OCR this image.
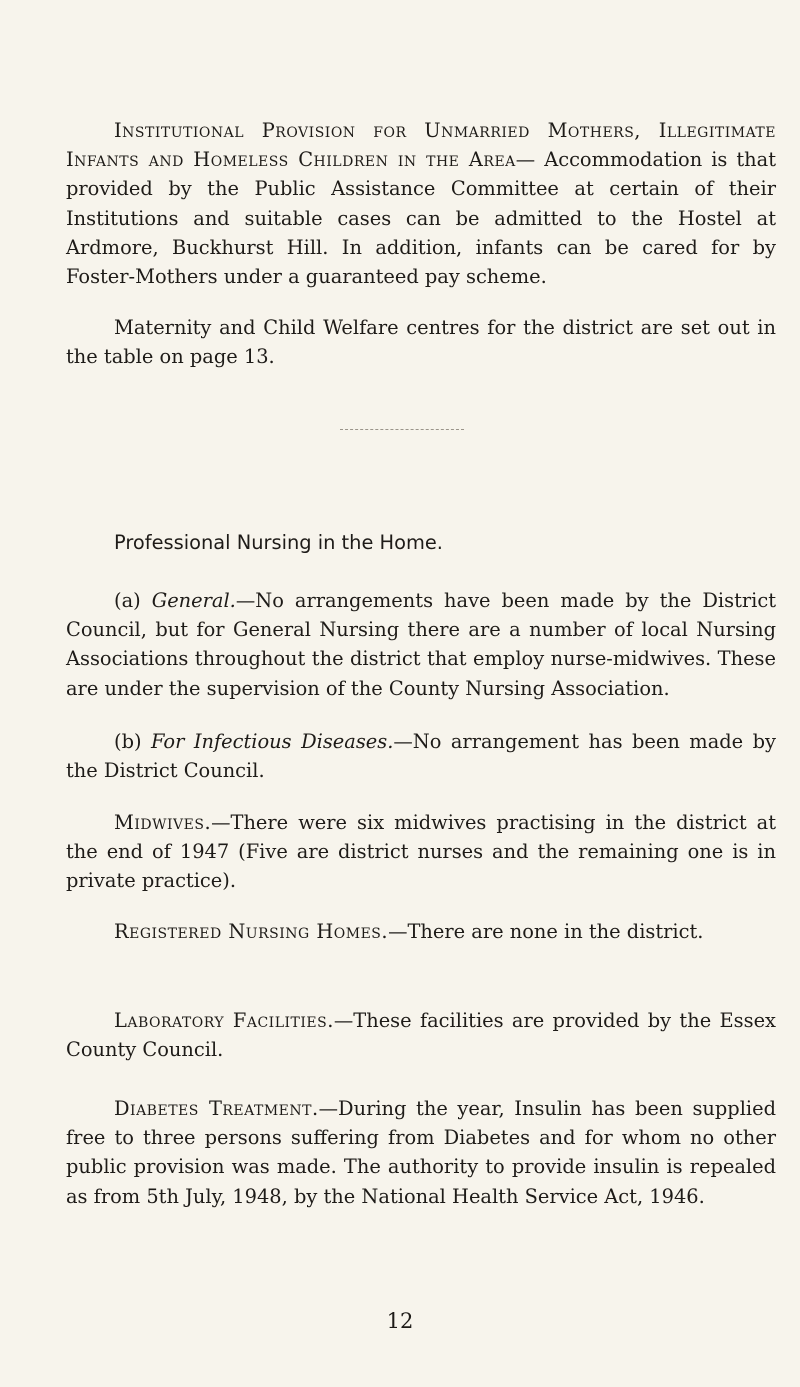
Institutional Provision for Unmarried Mothers, Illegitimate Infants and Homeless Children in the Area— Accommodation is that provided by the Public Assistance Committee at certain of their Institutions and suitable cases can be admitted to the Hostel at Ardmore, Buckhurst Hill. In addition, infants can be cared for by Foster-Mothers under a guaranteed pay scheme.

Maternity and Child Welfare centres for the district are set out in the table on page 13.

Professional Nursing in the Home.

(a) General.—No arrangements have been made by the District Council, but for General Nursing there are a number of local Nursing Associations throughout the district that employ nurse-midwives. These are under the supervision of the County Nursing Association.

(b) For Infectious Diseases.—No arrangement has been made by the District Council.

Midwives.—There were six midwives practising in the district at the end of 1947 (Five are district nurses and the remaining one is in private practice).

Registered Nursing Homes.—There are none in the district.

Laboratory Facilities.—These facilities are provided by the Essex County Council.

Diabetes Treatment.—During the year, Insulin has been supplied free to three persons suffering from Diabetes and for whom no other public provision was made. The authority to provide insulin is repealed as from 5th July, 1948, by the National Health Service Act, 1946.

12
